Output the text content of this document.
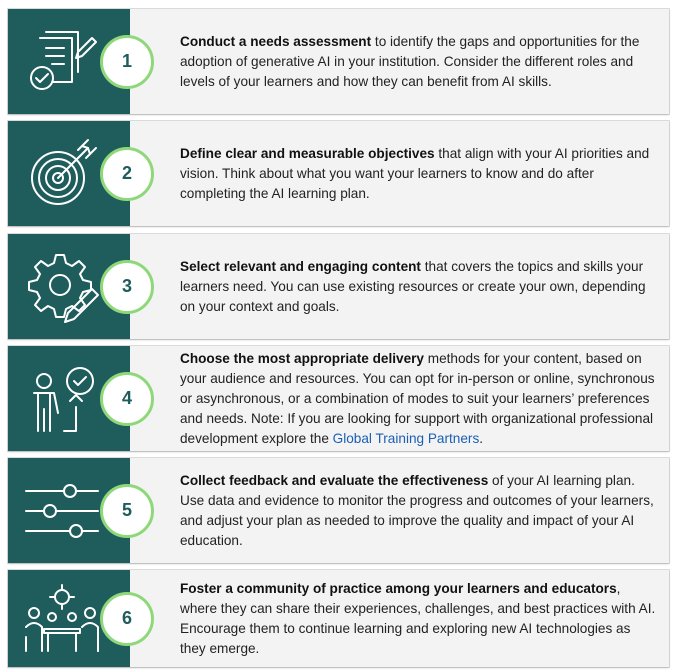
1
Conduct a needs assessment to identify the gaps and opportunities for the adoption of generative AI in your institution. Consider the different roles and levels of your learners and how they can benefit from AI skills.
2
Define clear and measurable objectives that align with your AI priorities and vision. Think about what you want your learners to know and do after completing the AI learning plan.
3
Select relevant and engaging content that covers the topics and skills your learners need. You can use existing resources or create your own, depending on your context and goals.
4
Choose the most appropriate delivery methods for your content, based on your audience and resources. You can opt for in-person or online, synchronous or asynchronous, or a combination of modes to suit your learners’ preferences and needs. Note: If you are looking for support with organizational professional development explore the Global Training Partners.
5
Collect feedback and evaluate the effectiveness of your AI learning plan. Use data and evidence to monitor the progress and outcomes of your learners, and adjust your plan as needed to improve the quality and impact of your AI education.
6
Foster a community of practice among your learners and educators, where they can share their experiences, challenges, and best practices with AI. Encourage them to continue learning and exploring new AI technologies as they emerge.
